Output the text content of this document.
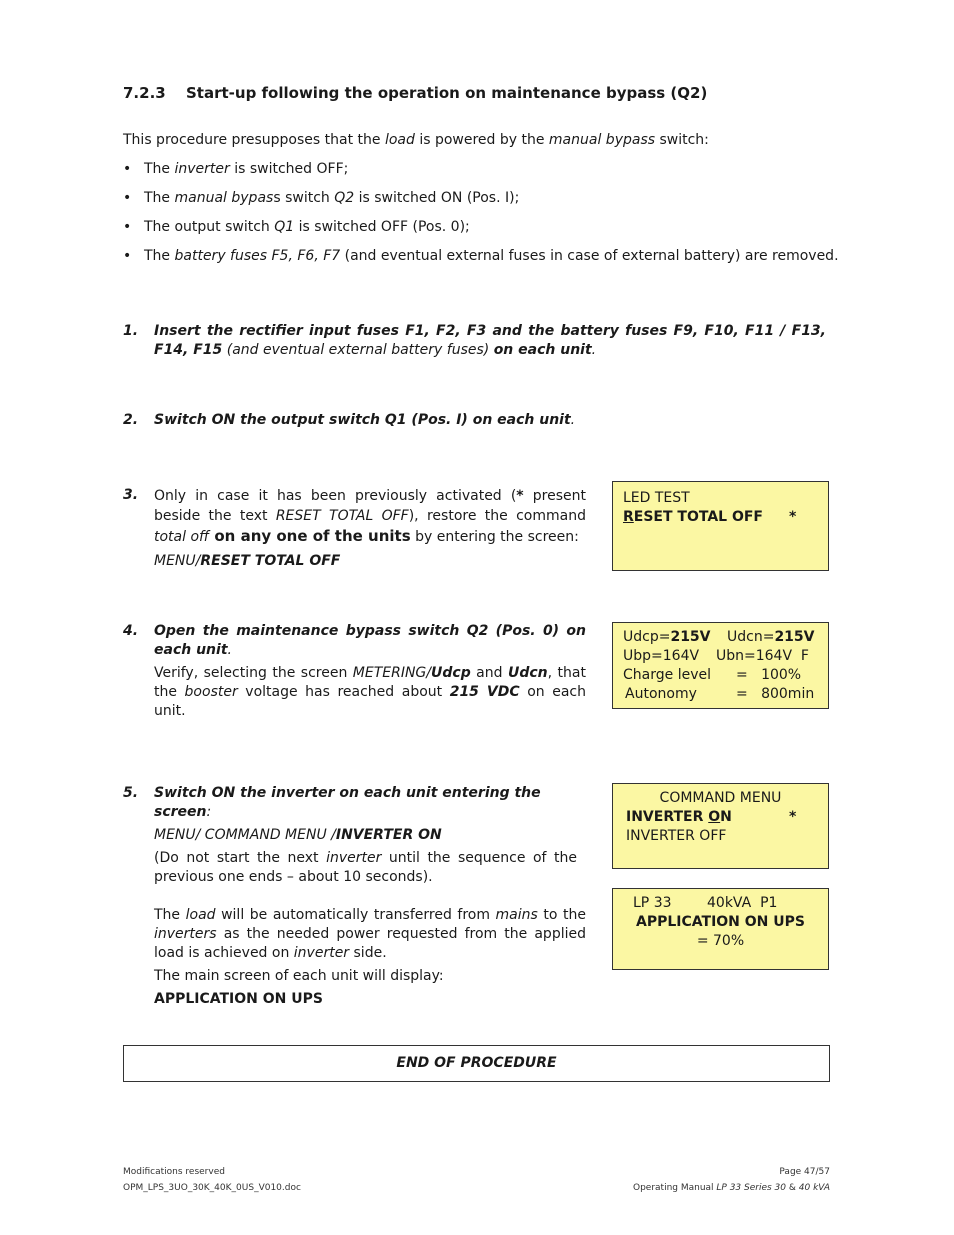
7.2.3 Start-up following the operation on maintenance bypass (Q2)
This procedure presupposes that the load is powered by the manual bypass switch:
• The inverter is switched OFF;
• The manual bypass switch Q2 is switched ON (Pos. I);
• The output switch Q1 is switched OFF (Pos. 0);
• The battery fuses F5, F6, F7 (and eventual external fuses in case of external battery) are removed.
1. Insert the rectifier input fuses F1, F2, F3 and the battery fuses F9, F10, F11 / F13, F14, F15 (and eventual external battery fuses) on each unit.
2. Switch ON the output switch Q1 (Pos. I) on each unit.
3. Only in case it has been previously activated (* present beside the text RESET TOTAL OFF), restore the command total off on any one of the units by entering the screen:
MENU/RESET TOTAL OFF
LED TEST
RESET TOTAL OFF *
4. Open the maintenance bypass switch Q2 (Pos. 0) on each unit.
Verify, selecting the screen METERING/Udcp and Udcn, that the booster voltage has reached about 215 VDC on each unit.
Udcp=215V Udcn=215V
Ubp=164V Ubn=164V  F
Charge level =   100%
Autonomy	=   800min
5. Switch ON the inverter on each unit entering the screen:
MENU/ COMMAND MENU /INVERTER ON
(Do not start the next inverter until the sequence of the previous one ends – about 10 seconds).
The load will be automatically transferred from mains to the inverters as the needed power requested from the applied load is achieved on inverter side.
The main screen of each unit will display:
APPLICATION ON UPS
COMMAND MENU
INVERTER ON	*
INVERTER OFF
LP 33	40kVA  P1
APPLICATION ON UPS
= 70%
END OF PROCEDURE
Modifications reserved
OPM_LPS_3UO_30K_40K_0US_V010.doc
Page 47/57
Operating Manual LP 33 Series 30 & 40 kVA
